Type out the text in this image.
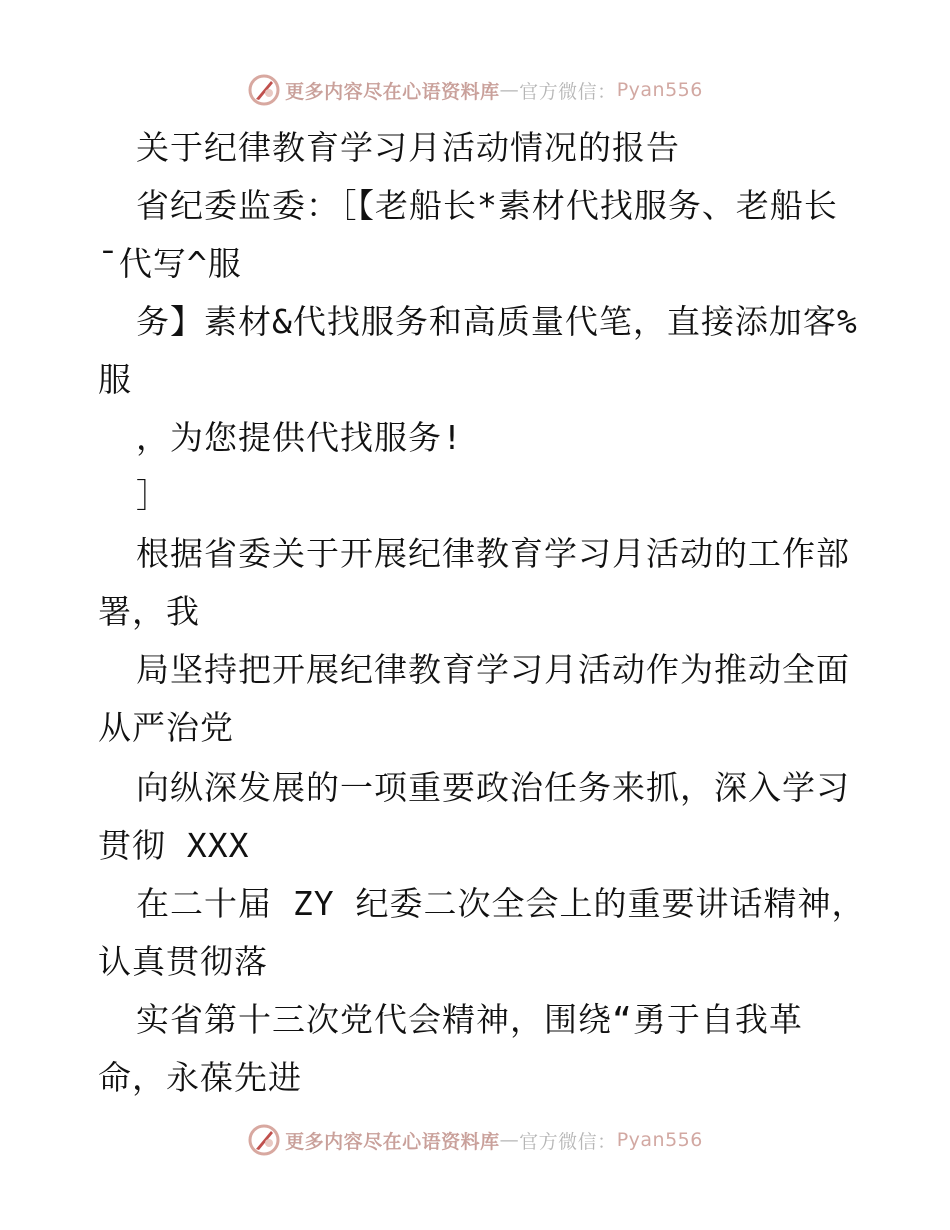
更多内容尽在心语资料库 — 官方微信： Pyan556
关于纪律教育学习月活动情况的报告
省纪委监委：［【老船长*素材代找服务、老船长
¯代写^服
务】素材&代找服务和高质量代笔，直接添加客%
服
，为您提供代找服务!
］
根据省委关于开展纪律教育学习月活动的工作部
署，我
局坚持把开展纪律教育学习月活动作为推动全面
从严治党
向纵深发展的一项重要政治任务来抓，深入学习
贯彻 XXX
在二十届 ZY 纪委二次全会上的重要讲话精神，
认真贯彻落
实省第十三次党代会精神，围绕“勇于自我革
命，永葆先进
更多内容尽在心语资料库 — 官方微信： Pyan556
